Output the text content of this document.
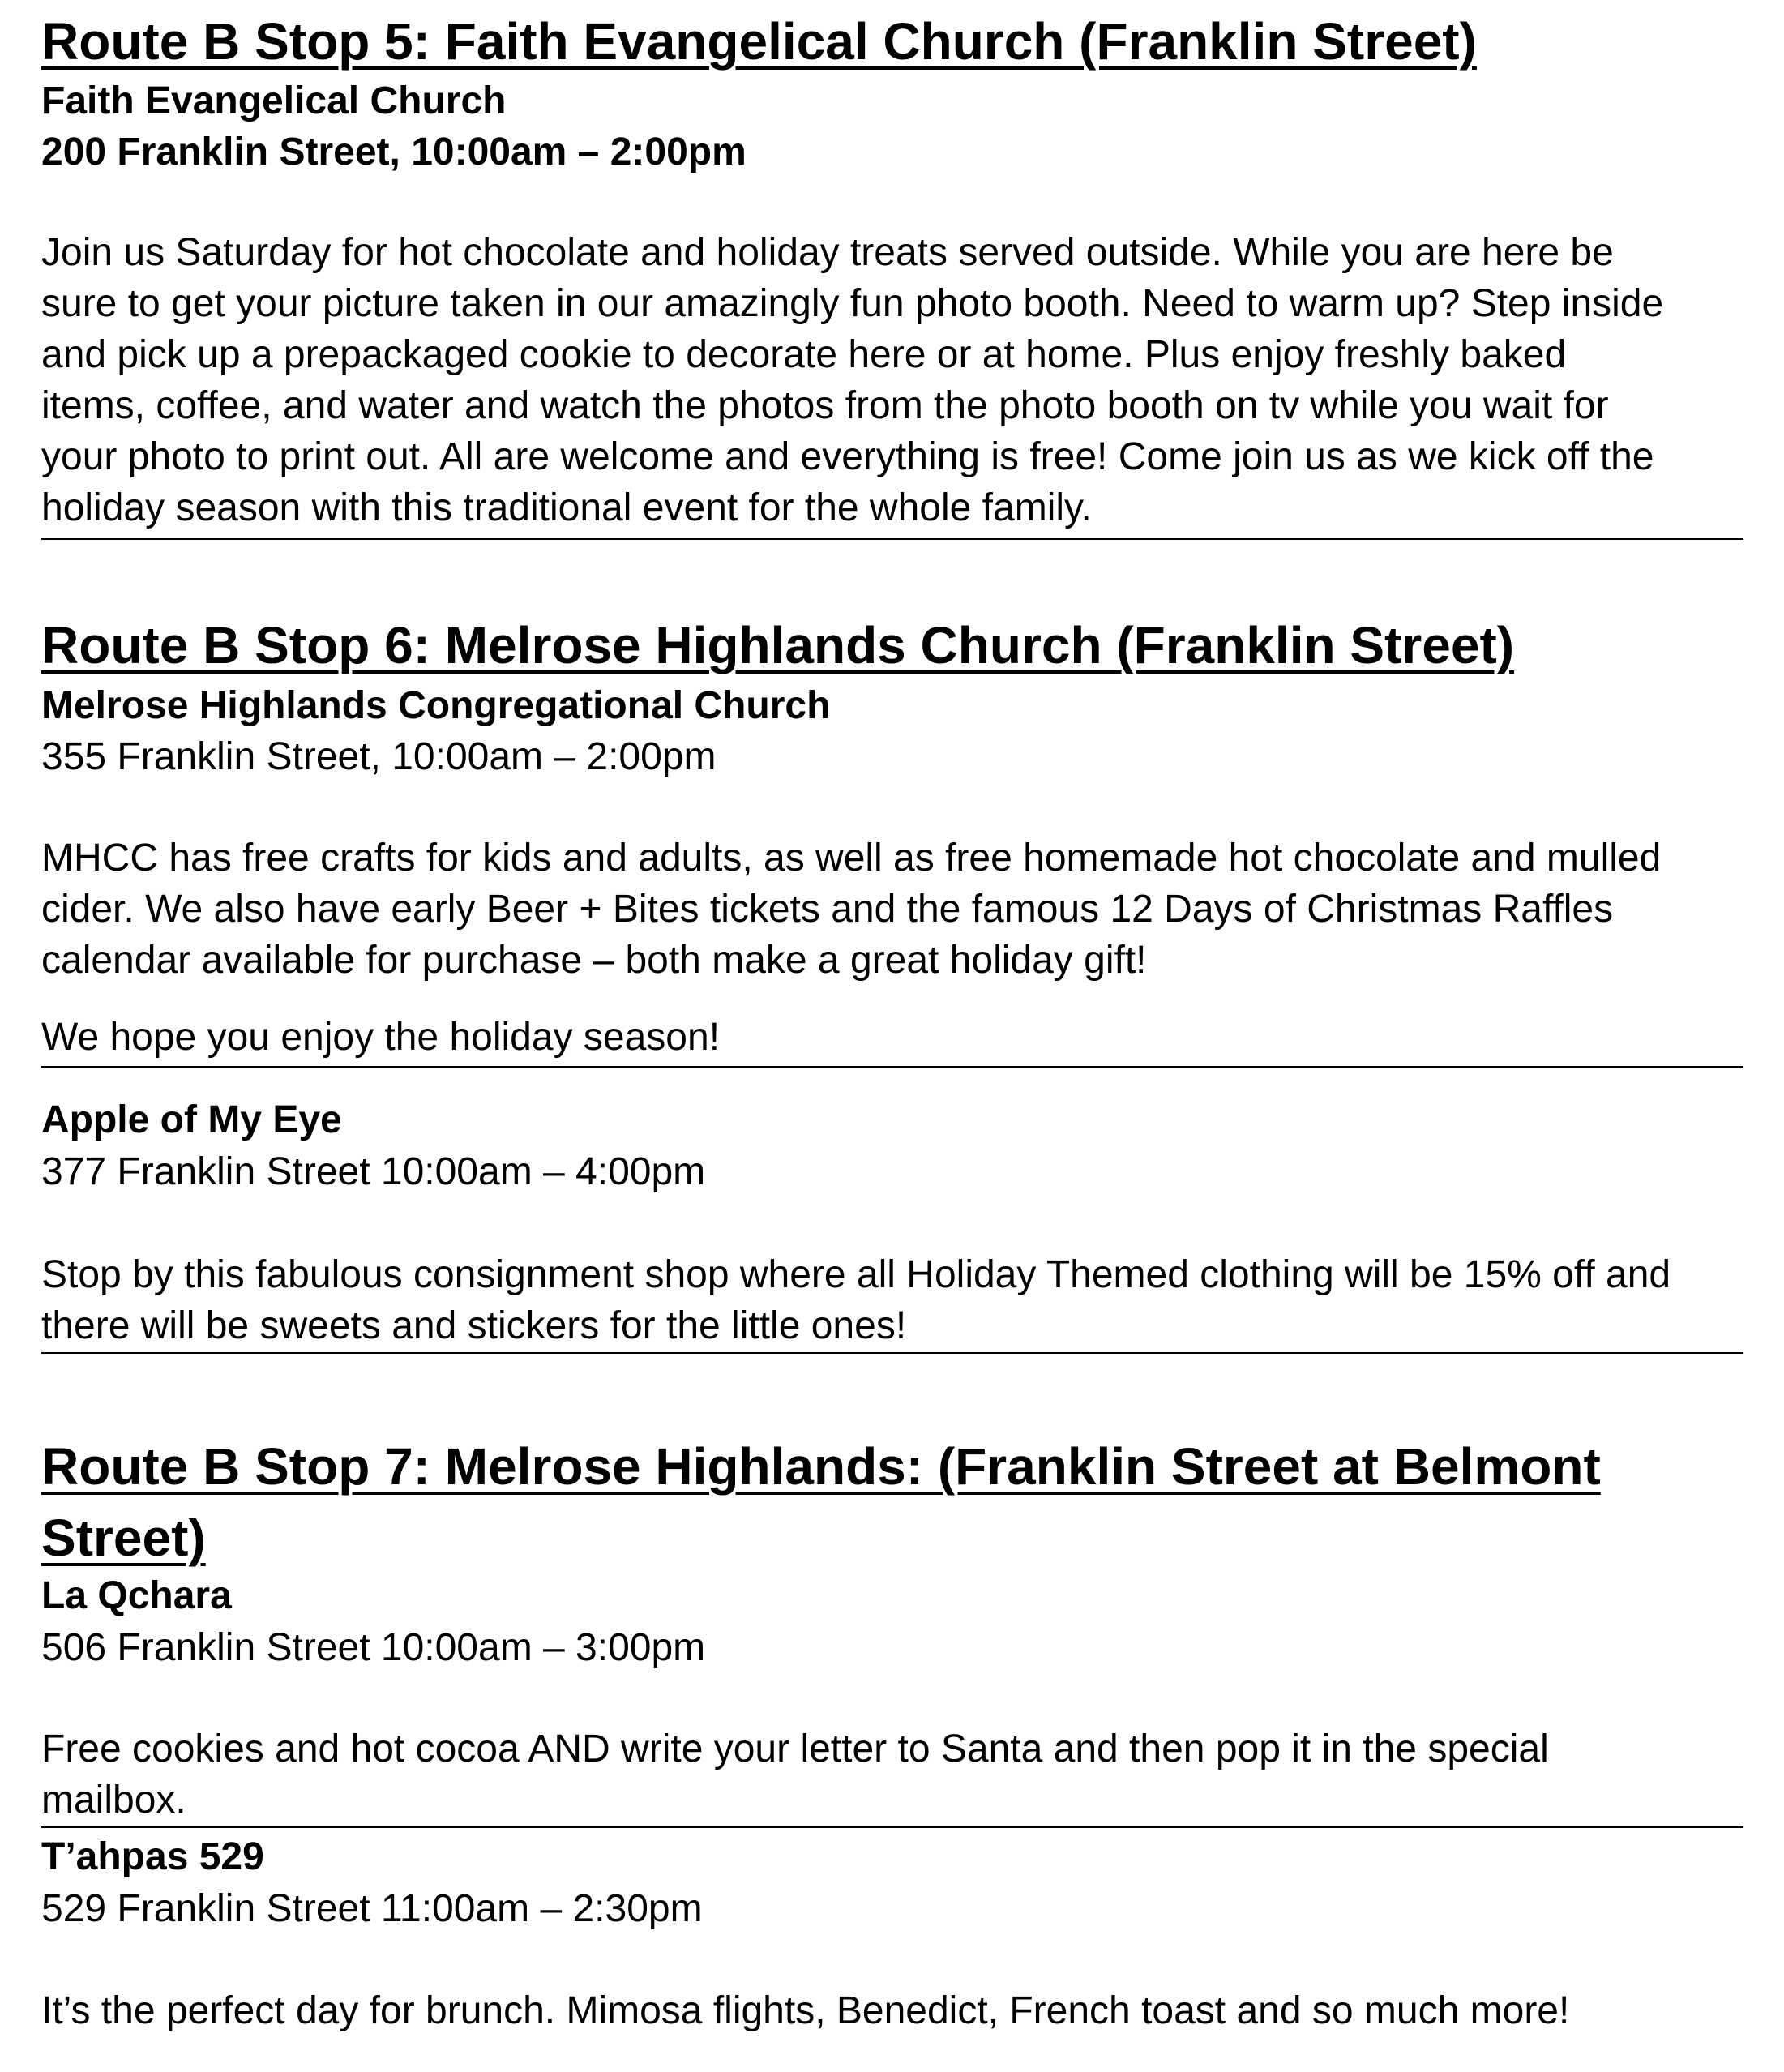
Route B Stop 5: Faith Evangelical Church (Franklin Street)
Faith Evangelical Church
200 Franklin Street, 10:00am – 2:00pm
Join us Saturday for hot chocolate and holiday treats served outside. While you are here be
sure to get your picture taken in our amazingly fun photo booth. Need to warm up? Step inside
and pick up a prepackaged cookie to decorate here or at home. Plus enjoy freshly baked
items, coffee, and water and watch the photos from the photo booth on tv while you wait for
your photo to print out. All are welcome and everything is free! Come join us as we kick off the
holiday season with this traditional event for the whole family.
Route B Stop 6: Melrose Highlands Church (Franklin Street)
Melrose Highlands Congregational Church
355 Franklin Street, 10:00am – 2:00pm
MHCC has free crafts for kids and adults, as well as free homemade hot chocolate and mulled
cider. We also have early Beer + Bites tickets and the famous 12 Days of Christmas Raffles
calendar available for purchase – both make a great holiday gift!
We hope you enjoy the holiday season!
Apple of My Eye
377 Franklin Street 10:00am – 4:00pm
Stop by this fabulous consignment shop where all Holiday Themed clothing will be 15% off and
there will be sweets and stickers for the little ones!
Route B Stop 7: Melrose Highlands: (Franklin Street at Belmont
Street)
La Qchara
506 Franklin Street 10:00am – 3:00pm
Free cookies and hot cocoa AND write your letter to Santa and then pop it in the special
mailbox.
T’ahpas 529
529 Franklin Street 11:00am – 2:30pm
It’s the perfect day for brunch. Mimosa flights, Benedict, French toast and so much more!
